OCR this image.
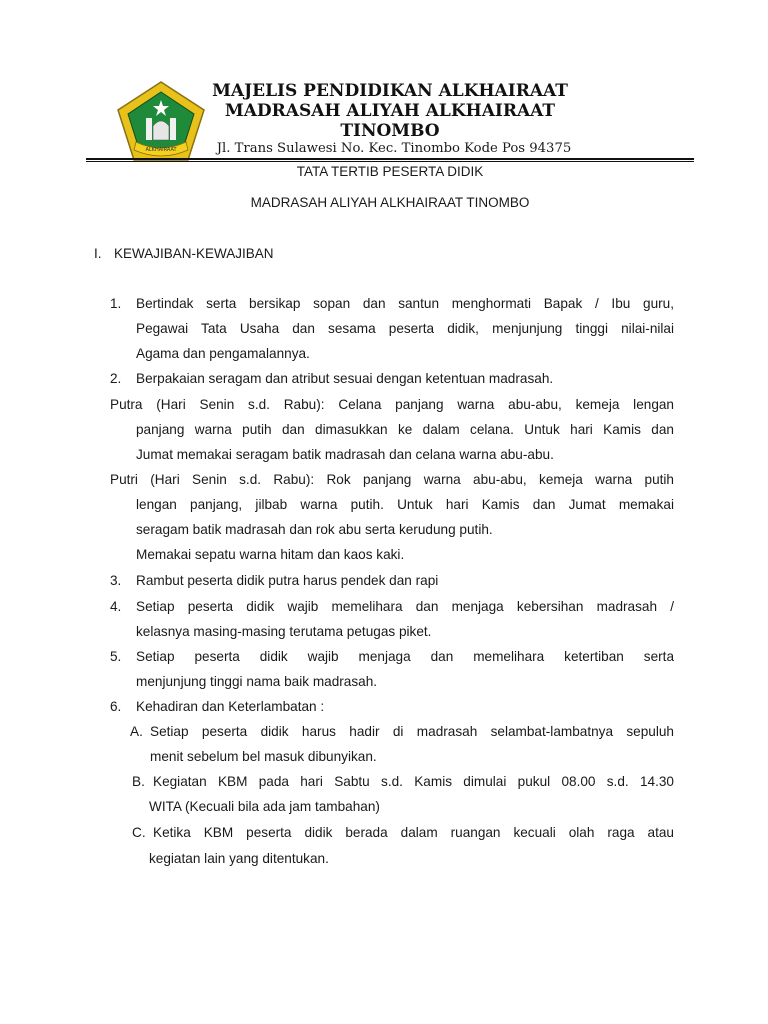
ALKHAIRAAT
MAJELIS PENDIDIKAN ALKHAIRAAT
MADRASAH ALIYAH ALKHAIRAAT
TINOMBO
Jl. Trans Sulawesi No. Kec. Tinombo Kode Pos 94375
TATA TERTIB PESERTA DIDIK
MADRASAH ALIYAH ALKHAIRAAT TINOMBO
I. KEWAJIBAN-KEWAJIBAN
1. Bertindak serta bersikap sopan dan santun menghormati Bapak / Ibu guru,
Pegawai Tata Usaha dan sesama peserta didik, menjunjung tinggi nilai-nilai
Agama dan pengamalannya.
2. Berpakaian seragam dan atribut sesuai dengan ketentuan madrasah.
Putra (Hari Senin s.d. Rabu): Celana panjang warna abu-abu, kemeja lengan
panjang warna putih dan dimasukkan ke dalam celana. Untuk hari Kamis dan
Jumat memakai seragam batik madrasah dan celana warna abu-abu.
Putri (Hari Senin s.d. Rabu): Rok panjang warna abu-abu, kemeja warna putih
lengan panjang, jilbab warna putih. Untuk hari Kamis dan Jumat memakai
seragam batik madrasah dan rok abu serta kerudung putih.
Memakai sepatu warna hitam dan kaos kaki.
3. Rambut peserta didik putra harus pendek dan rapi
4. Setiap peserta didik wajib memelihara dan menjaga kebersihan madrasah /
kelasnya masing-masing terutama petugas piket.
5. Setiap peserta didik wajib menjaga dan memelihara ketertiban serta
menjunjung tinggi nama baik madrasah.
6. Kehadiran dan Keterlambatan :
A. Setiap peserta didik harus hadir di madrasah selambat-lambatnya sepuluh
menit sebelum bel masuk dibunyikan.
B. Kegiatan KBM pada hari Sabtu s.d. Kamis dimulai pukul 08.00 s.d. 14.30
WITA (Kecuali bila ada jam tambahan)
C. Ketika KBM peserta didik berada dalam ruangan kecuali olah raga atau
kegiatan lain yang ditentukan.
